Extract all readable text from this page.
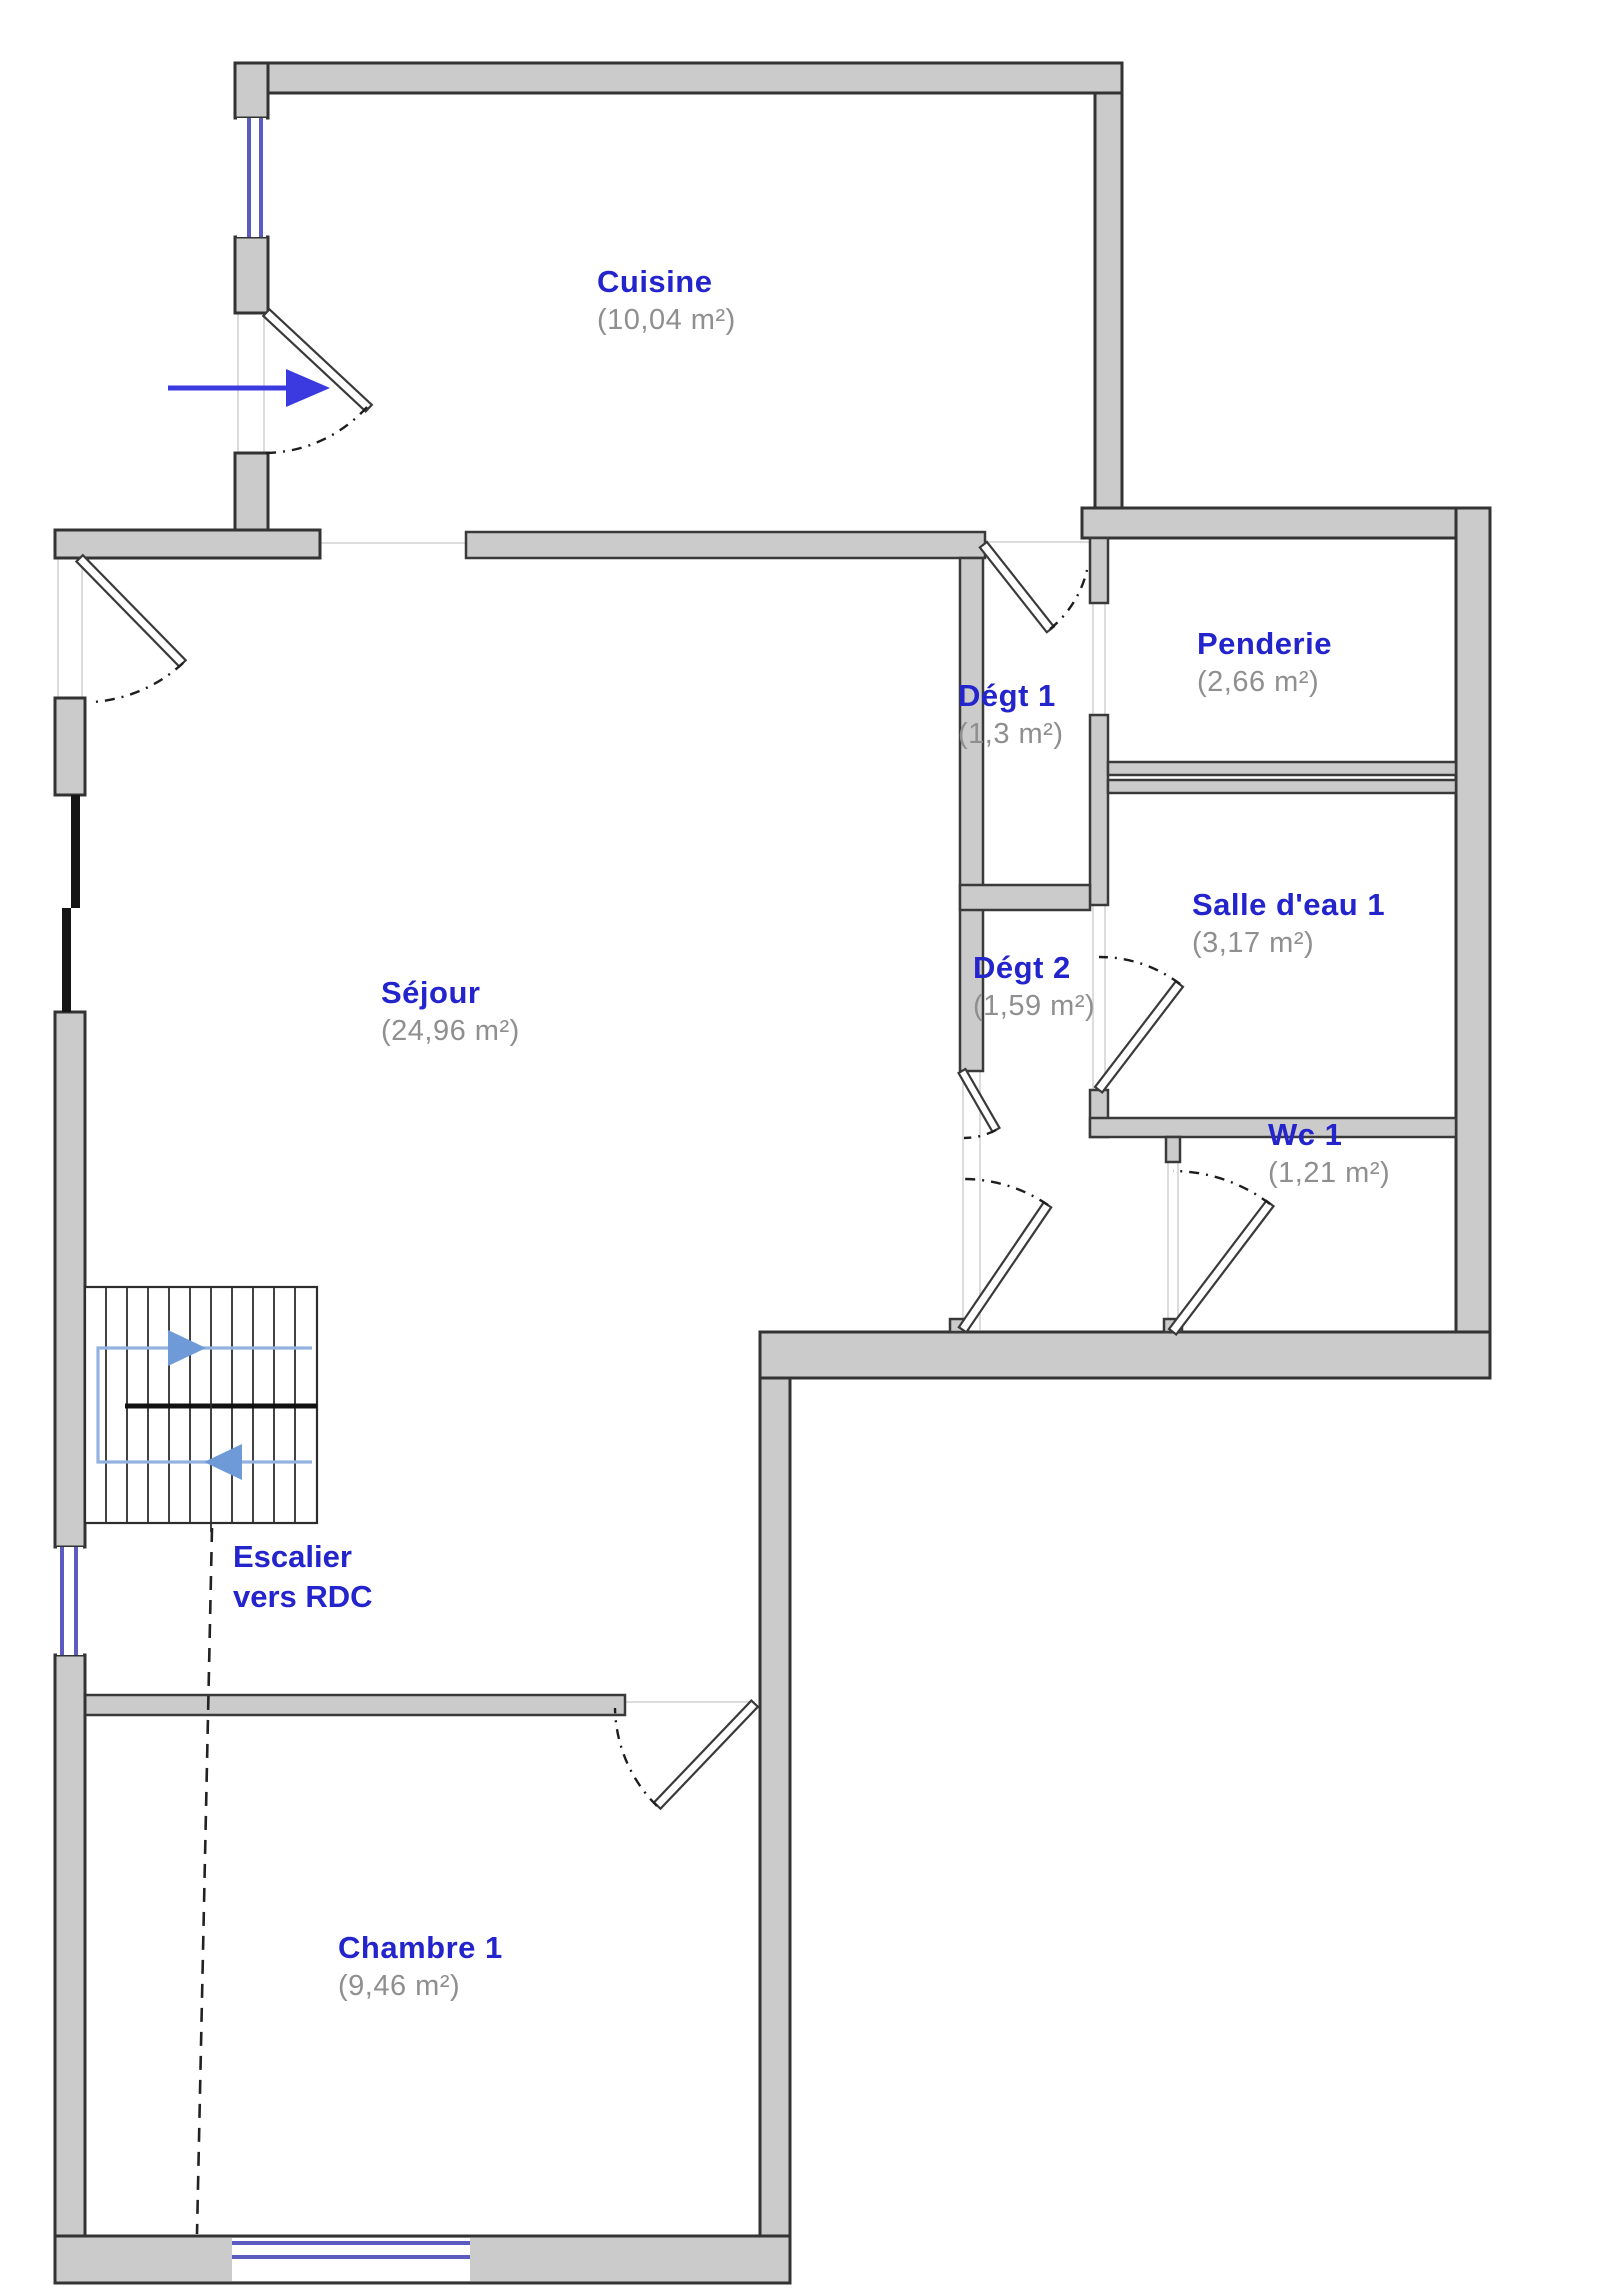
Cuisine
(10,04 m²)
Penderie
(2,66 m²)
Dégt 1
(1,3 m²)
Salle d'eau 1
(3,17 m²)
Dégt 2
(1,59 m²)
Wc 1
(1,21 m²)
Séjour
(24,96 m²)
Chambre 1
(9,46 m²)
Escalier
vers RDC
